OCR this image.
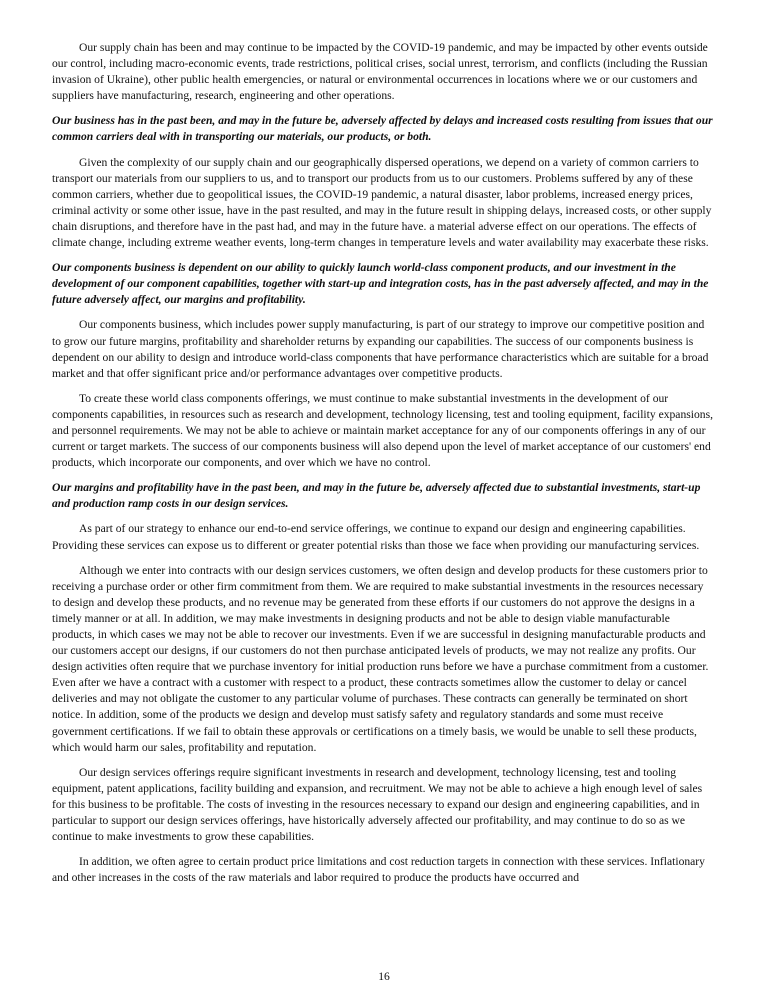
Our supply chain has been and may continue to be impacted by the COVID-19 pandemic, and may be impacted by other events outside our control, including macro-economic events, trade restrictions, political crises, social unrest, terrorism, and conflicts (including the Russian invasion of Ukraine), other public health emergencies, or natural or environmental occurrences in locations where we or our customers and suppliers have manufacturing, research, engineering and other operations.

Our business has in the past been, and may in the future be, adversely affected by delays and increased costs resulting from issues that our common carriers deal with in transporting our materials, our products, or both.

Given the complexity of our supply chain and our geographically dispersed operations, we depend on a variety of common carriers to transport our materials from our suppliers to us, and to transport our products from us to our customers. Problems suffered by any of these common carriers, whether due to geopolitical issues, the COVID-19 pandemic, a natural disaster, labor problems, increased energy prices, criminal activity or some other issue, have in the past resulted, and may in the future result in shipping delays, increased costs, or other supply chain disruptions, and therefore have in the past had, and may in the future have. a material adverse effect on our operations. The effects of climate change, including extreme weather events, long-term changes in temperature levels and water availability may exacerbate these risks.

Our components business is dependent on our ability to quickly launch world-class component products, and our investment in the development of our component capabilities, together with start-up and integration costs, has in the past adversely affected, and may in the future adversely affect, our margins and profitability.

Our components business, which includes power supply manufacturing, is part of our strategy to improve our competitive position and to grow our future margins, profitability and shareholder returns by expanding our capabilities. The success of our components business is dependent on our ability to design and introduce world-class components that have performance characteristics which are suitable for a broad market and that offer significant price and/or performance advantages over competitive products.

To create these world class components offerings, we must continue to make substantial investments in the development of our components capabilities, in resources such as research and development, technology licensing, test and tooling equipment, facility expansions, and personnel requirements. We may not be able to achieve or maintain market acceptance for any of our components offerings in any of our current or target markets. The success of our components business will also depend upon the level of market acceptance of our customers' end products, which incorporate our components, and over which we have no control.

Our margins and profitability have in the past been, and may in the future be, adversely affected due to substantial investments, start-up and production ramp costs in our design services.

As part of our strategy to enhance our end-to-end service offerings, we continue to expand our design and engineering capabilities. Providing these services can expose us to different or greater potential risks than those we face when providing our manufacturing services.

Although we enter into contracts with our design services customers, we often design and develop products for these customers prior to receiving a purchase order or other firm commitment from them. We are required to make substantial investments in the resources necessary to design and develop these products, and no revenue may be generated from these efforts if our customers do not approve the designs in a timely manner or at all. In addition, we may make investments in designing products and not be able to design viable manufacturable products, in which cases we may not be able to recover our investments. Even if we are successful in designing manufacturable products and our customers accept our designs, if our customers do not then purchase anticipated levels of products, we may not realize any profits. Our design activities often require that we purchase inventory for initial production runs before we have a purchase commitment from a customer. Even after we have a contract with a customer with respect to a product, these contracts sometimes allow the customer to delay or cancel deliveries and may not obligate the customer to any particular volume of purchases. These contracts can generally be terminated on short notice. In addition, some of the products we design and develop must satisfy safety and regulatory standards and some must receive government certifications. If we fail to obtain these approvals or certifications on a timely basis, we would be unable to sell these products, which would harm our sales, profitability and reputation.

Our design services offerings require significant investments in research and development, technology licensing, test and tooling equipment, patent applications, facility building and expansion, and recruitment. We may not be able to achieve a high enough level of sales for this business to be profitable. The costs of investing in the resources necessary to expand our design and engineering capabilities, and in particular to support our design services offerings, have historically adversely affected our profitability, and may continue to do so as we continue to make investments to grow these capabilities.

In addition, we often agree to certain product price limitations and cost reduction targets in connection with these services. Inflationary and other increases in the costs of the raw materials and labor required to produce the products have occurred and

16
